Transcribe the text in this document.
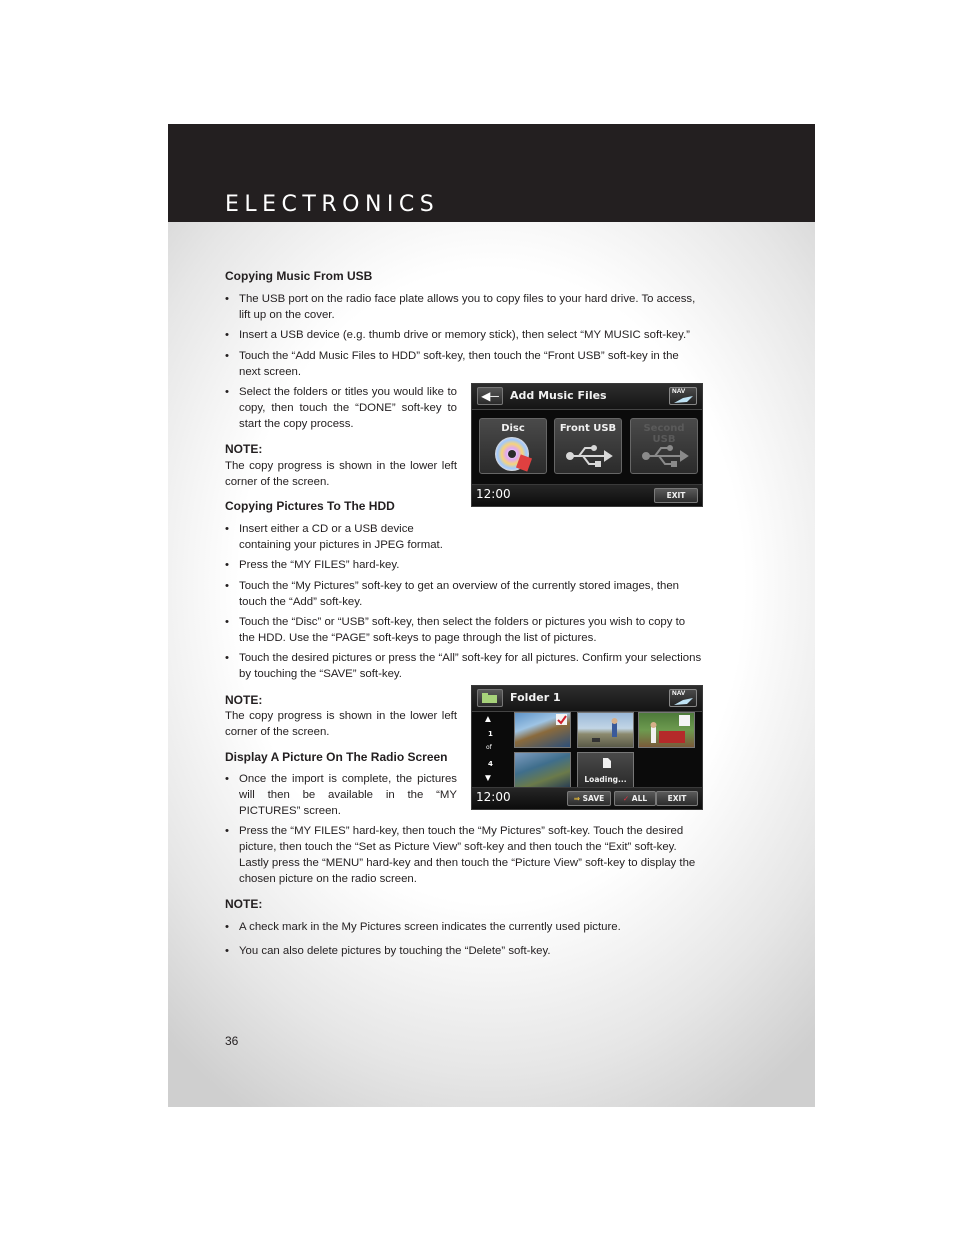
ELECTRONICS
Copying Music From USB
• The USB port on the radio face plate allows you to copy files to your hard drive. To access, lift up on the cover.
• Insert a USB device (e.g. thumb drive or memory stick), then select “MY MUSIC soft-key.”
• Touch the “Add Music Files to HDD” soft-key, then touch the “Front USB” soft-key in the next screen.
• Select the folders or titles you would like to copy, then touch the “DONE” soft-key to start the copy process.
NOTE:
The copy progress is shown in the lower left corner of the screen.
◀─	Add Music Files	NAV
Disc	Front USB	Second USB
12:00	EXIT
Copying Pictures To The HDD
• Insert either a CD or a USB device containing your pictures in JPEG format.
• Press the “MY FILES” hard-key.
• Touch the “My Pictures” soft-key to get an overview of the currently stored images, then touch the “Add” soft-key.
• Touch the “Disc” or “USB” soft-key, then select the folders or pictures you wish to copy to the HDD. Use the “PAGE” soft-keys to page through the list of pictures.
• Touch the desired pictures or press the “All” soft-key for all pictures. Confirm your selections by touching the “SAVE” soft-key.
NOTE:
The copy progress is shown in the lower left corner of the screen.
Folder 1	NAV
▲
1
of
4
▼	Loading...
12:00	⇒ SAVE	✓ ALL	EXIT
Display A Picture On The Radio Screen
• Once the import is complete, the pictures will then be available in the “MY PICTURES” screen.
• Press the “MY FILES” hard-key, then touch the “My Pictures” soft-key. Touch the desired picture, then touch the “Set as Picture View” soft-key and then touch the “Exit” soft-key. Lastly press the “MENU” hard-key and then touch the “Picture View” soft-key to display the chosen picture on the radio screen.
NOTE:
• A check mark in the My Pictures screen indicates the currently used picture.
• You can also delete pictures by touching the “Delete” soft-key.
36
